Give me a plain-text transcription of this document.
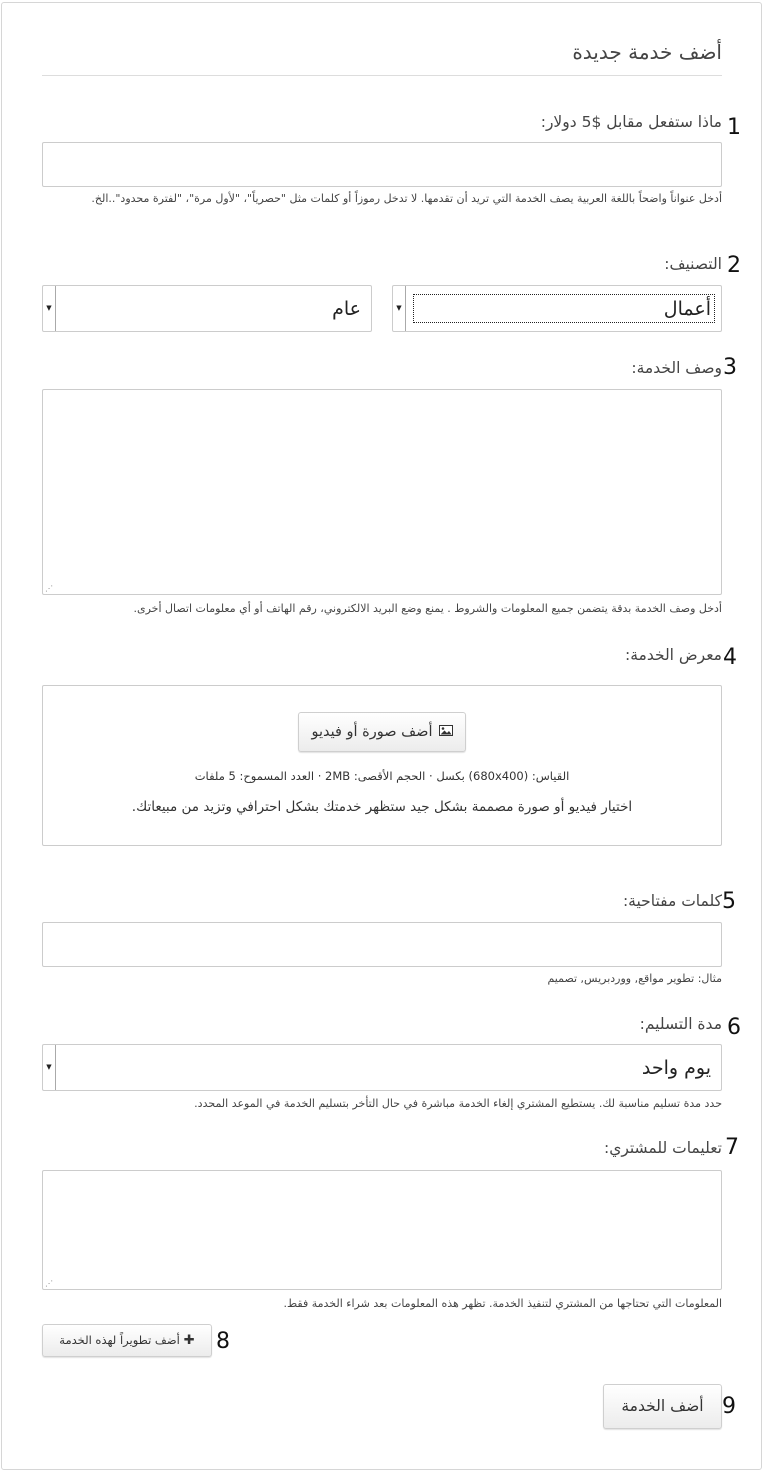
أضف خدمة جديدة
1
ماذا ستفعل مقابل $5 دولار:
أدخل عنواناً واضحاً باللغة العربية يصف الخدمة التي تريد أن تقدمها. لا تدخل رموزاً أو كلمات مثل "حصرياً"، "لأول مرة"، "لفترة محدود"..الخ.
2
التصنيف:
▼	أعمال
▼	عام
3
وصف الخدمة:
⋰
أدخل وصف الخدمة بدقة يتضمن جميع المعلومات والشروط . يمنع وضع البريد الالكتروني، رقم الهاتف أو أي معلومات اتصال أخرى.
4
معرض الخدمة:
أضف صورة أو فيديو
القياس: (680x400) بكسل · الحجم الأقصى: 2MB · العدد المسموح: 5 ملفات
اختيار فيديو أو صورة مصممة بشكل جيد ستظهر خدمتك بشكل احترافي وتزيد من مبيعاتك.
5
كلمات مفتاحية:
مثال: تطوير مواقع, ووردبريس, تصميم
6
مدة التسليم:
▼	يوم واحد
حدد مدة تسليم مناسبة لك. يستطيع المشتري إلغاء الخدمة مباشرة في حال التأخر بتسليم الخدمة في الموعد المحدد.
7
تعليمات للمشتري:
⋰
المعلومات التي تحتاجها من المشتري لتنفيذ الخدمة. تظهر هذه المعلومات بعد شراء الخدمة فقط.
✚أضف تطويراً لهذه الخدمة	8
أضف الخدمة 9
